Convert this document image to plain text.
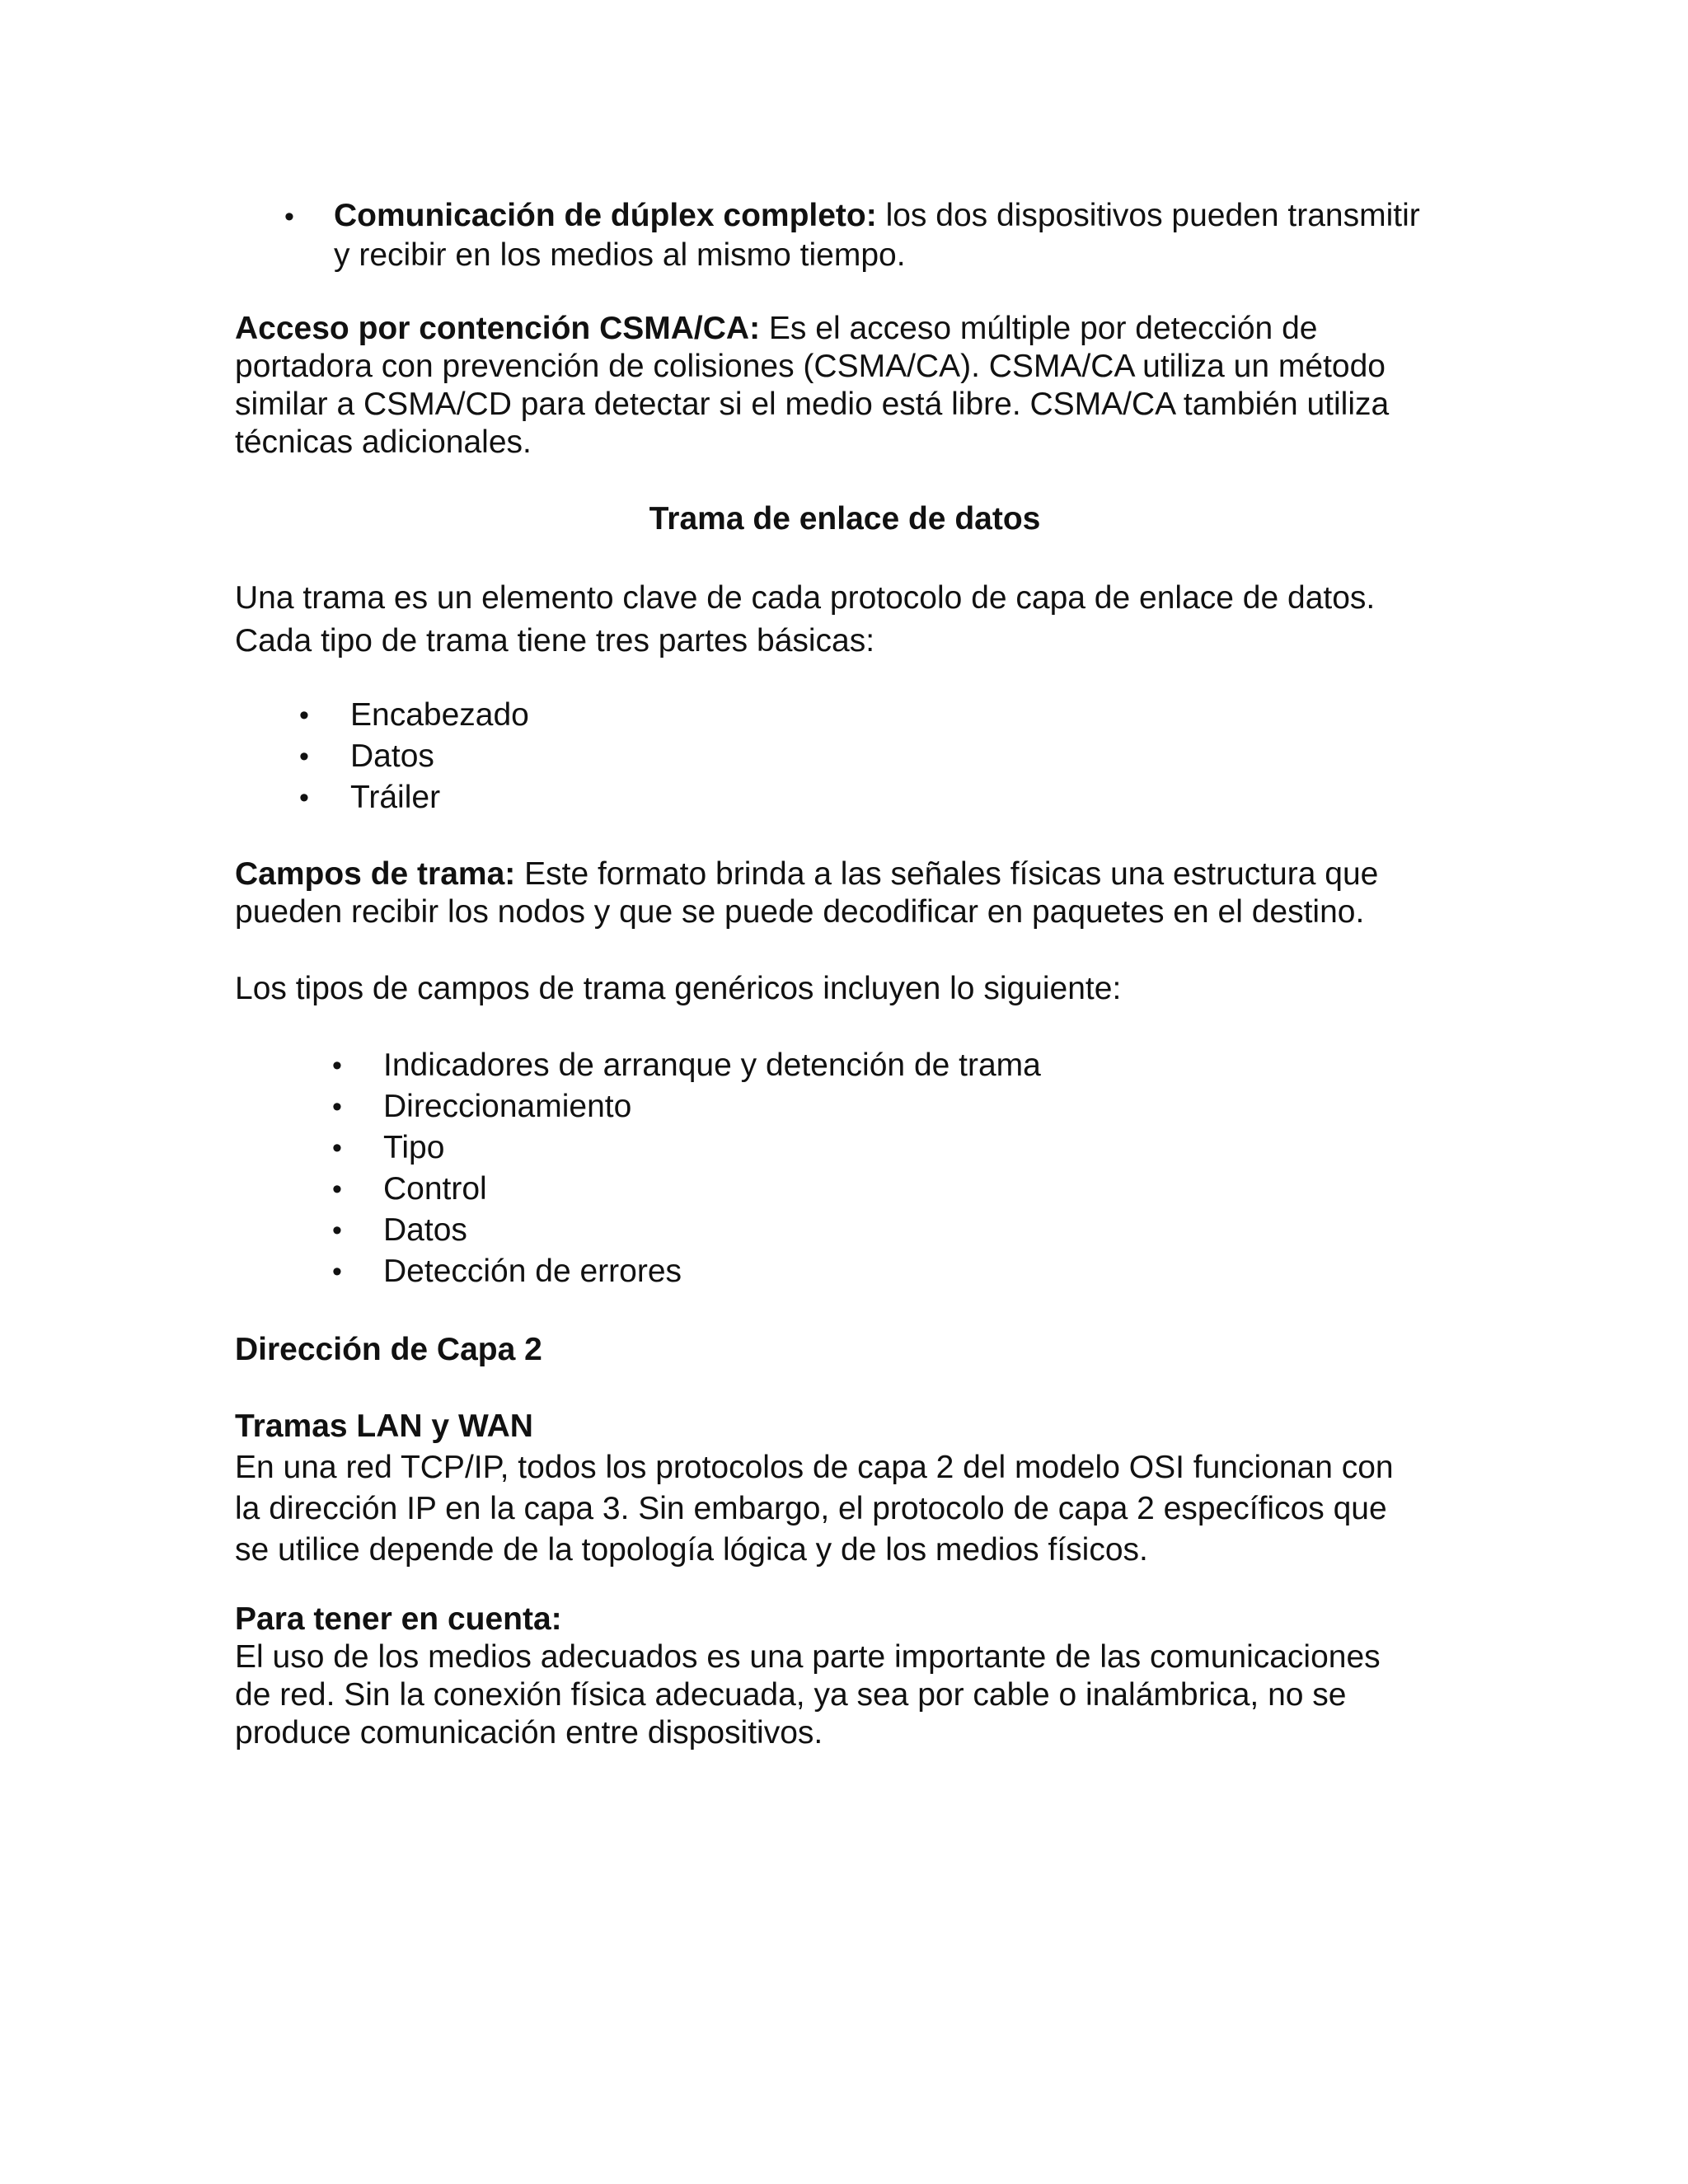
• Comunicación de dúplex completo: los dos dispositivos pueden transmitir
y recibir en los medios al mismo tiempo.
Acceso por contención CSMA/CA: Es el acceso múltiple por detección de
portadora con prevención de colisiones (CSMA/CA). CSMA/CA utiliza un método
similar a CSMA/CD para detectar si el medio está libre. CSMA/CA también utiliza
técnicas adicionales.
Trama de enlace de datos
Una trama es un elemento clave de cada protocolo de capa de enlace de datos.
Cada tipo de trama tiene tres partes básicas:
• Encabezado
• Datos
• Tráiler
Campos de trama: Este formato brinda a las señales físicas una estructura que
pueden recibir los nodos y que se puede decodificar en paquetes en el destino.
Los tipos de campos de trama genéricos incluyen lo siguiente:
• Indicadores de arranque y detención de trama
• Direccionamiento
• Tipo
• Control
• Datos
• Detección de errores
Dirección de Capa 2
Tramas LAN y WAN
En una red TCP/IP, todos los protocolos de capa 2 del modelo OSI funcionan con
la dirección IP en la capa 3. Sin embargo, el protocolo de capa 2 específicos que
se utilice depende de la topología lógica y de los medios físicos.
Para tener en cuenta:
El uso de los medios adecuados es una parte importante de las comunicaciones
de red. Sin la conexión física adecuada, ya sea por cable o inalámbrica, no se
produce comunicación entre dispositivos.
